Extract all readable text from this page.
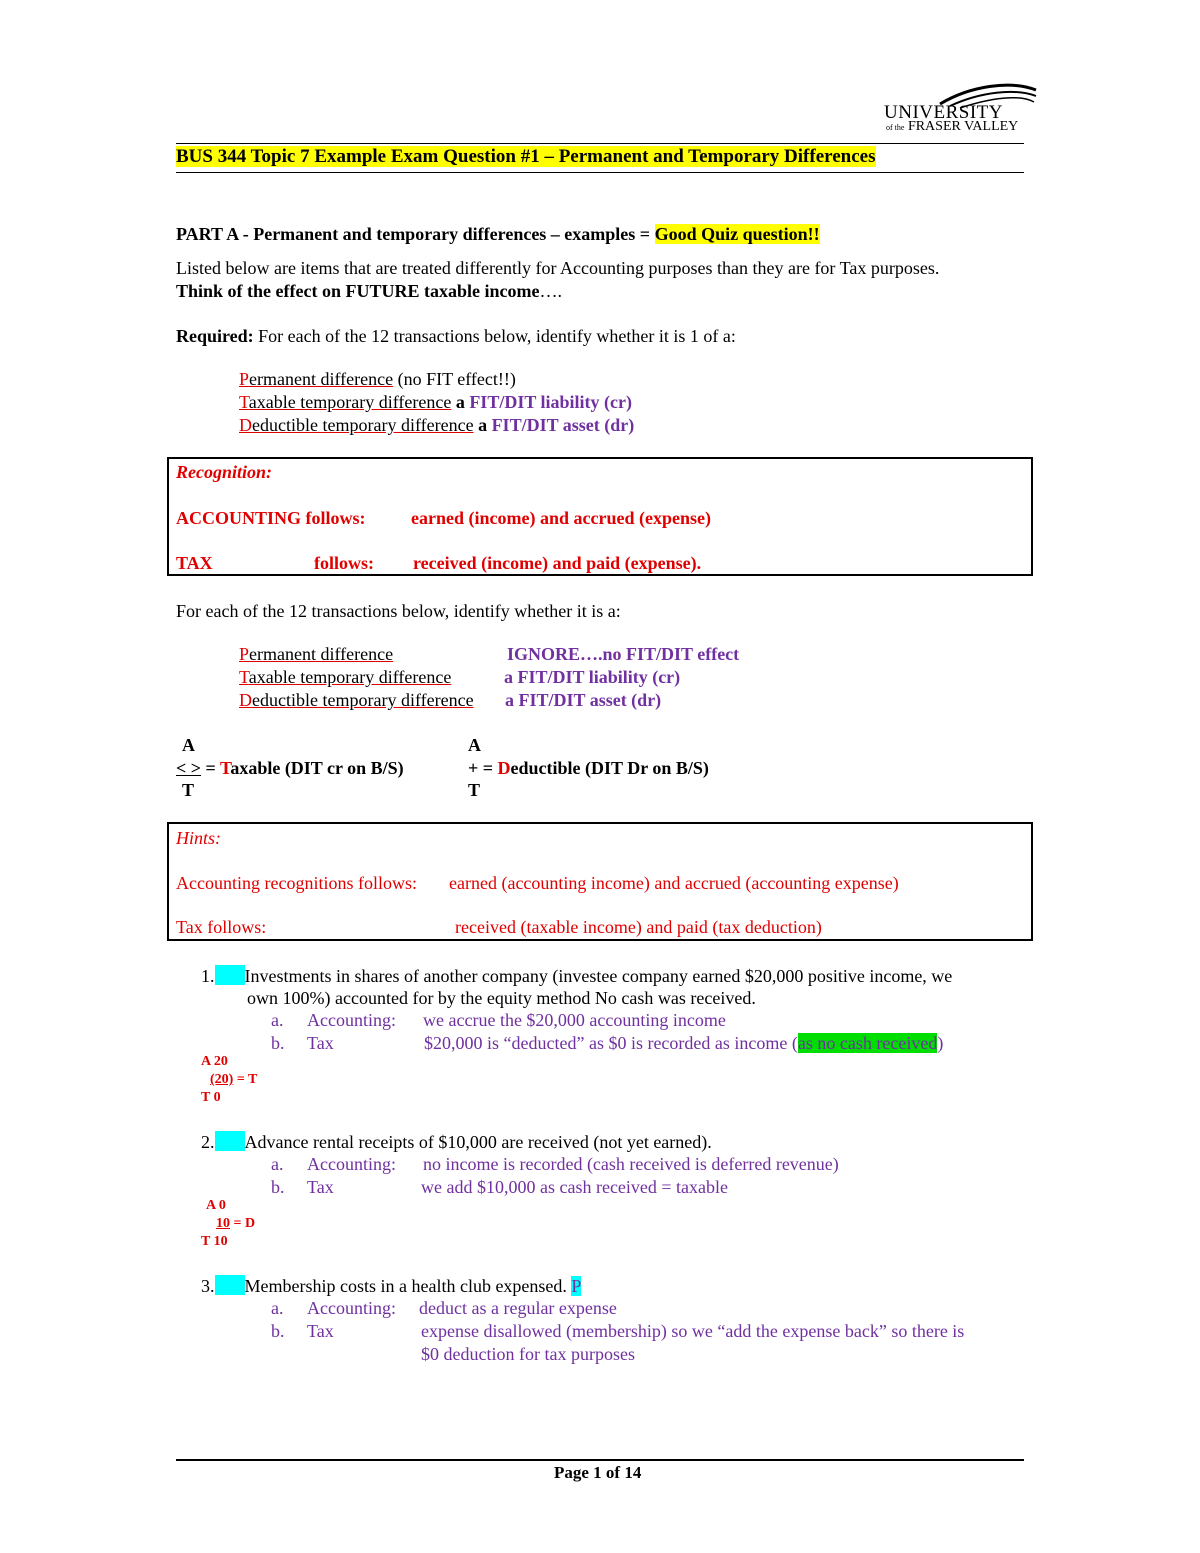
UNIVERSITY
of the FRASER VALLEY
BUS 344 Topic 7 Example Exam Question #1 – Permanent and Temporary Differences
PART A - Permanent and temporary differences – examples = Good Quiz question!!
Listed below are items that are treated differently for Accounting purposes than they are for Tax purposes.
Think of the effect on FUTURE taxable income….
Required: For each of the 12 transactions below, identify whether it is 1 of a:
Permanent difference (no FIT effect!!)
Taxable temporary difference a FIT/DIT liability (cr)
Deductible temporary difference a FIT/DIT asset (dr)
Recognition:
ACCOUNTING follows:	earned (income) and accrued (expense)
TAX	follows: received (income) and paid (expense).
For each of the 12 transactions below, identify whether it is a:
Permanent difference	IGNORE….no FIT/DIT effect
Taxable temporary difference	a FIT/DIT liability (cr)
Deductible temporary difference a FIT/DIT asset (dr)
A
< > = Taxable (DIT cr on B/S)
T
A
+ = Deductible (DIT Dr on B/S)
T
Hints:
Accounting recognitions follows: earned (accounting income) and accrued (accounting expense)
Tax follows:	received (taxable income) and paid (tax deduction)
1. Investments in shares of another company (investee company earned $20,000 positive income, we
own 100%) accounted for by the equity method No cash was received.
a. Accounting: we accrue the $20,000 accounting income
b. Tax	$20,000 is “deducted” as $0 is recorded as income (as no cash received)
A 20
(20) = T
T 0
2. Advance rental receipts of $10,000 are received (not yet earned).
a. Accounting: no income is recorded (cash received is deferred revenue)
b. Tax	we add $10,000 as cash received = taxable
A 0
10 = D
T 10
3. Membership costs in a health club expensed. P
a. Accounting: deduct as a regular expense
b. Tax	expense disallowed (membership) so we “add the expense back” so there is
$0 deduction for tax purposes
Page 1 of 14
